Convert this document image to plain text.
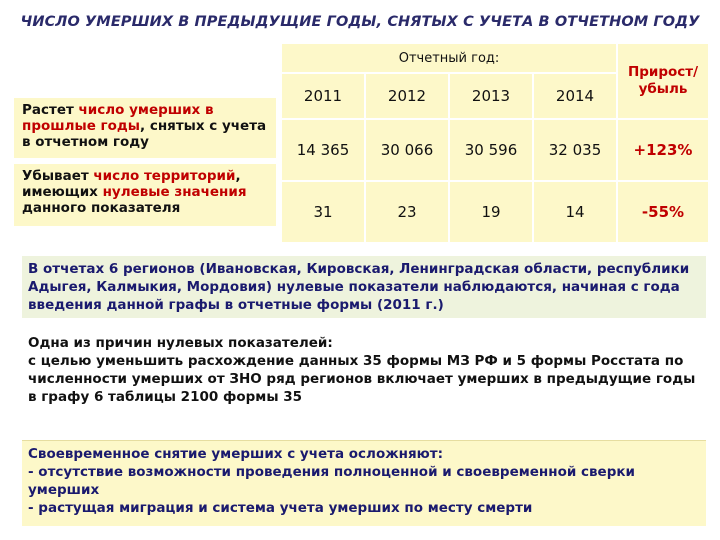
ЧИСЛО УМЕРШИХ В ПРЕДЫДУЩИЕ ГОДЫ, СНЯТЫХ С УЧЕТА В ОТЧЕТНОМ ГОДУ
Отчетный год:
2011	2012	2013	2014
Прирост/ убыль
Растет число умерших в прошлые годы, снятых с учета в отчетном году	14 365	30 066	30 596	32 035	+123%
Убывает число территорий, имеющих нулевые значения данного показателя	31	23	19	14	-55%
В отчетах 6 регионов (Ивановская, Кировская, Ленинградская области, республики Адыгея, Калмыкия, Мордовия) нулевые показатели наблюдаются, начиная с года введения данной графы в отчетные формы (2011 г.)
Одна из причин нулевых показателей:
с целью уменьшить расхождение данных 35 формы МЗ РФ и 5 формы Росстата по численности умерших от ЗНО ряд регионов включает умерших в предыдущие годы в графу 6 таблицы 2100 формы 35
Своевременное снятие умерших с учета осложняют:
- отсутствие возможности проведения полноценной и своевременной сверки умерших
- растущая миграция и система учета умерших по месту смерти
